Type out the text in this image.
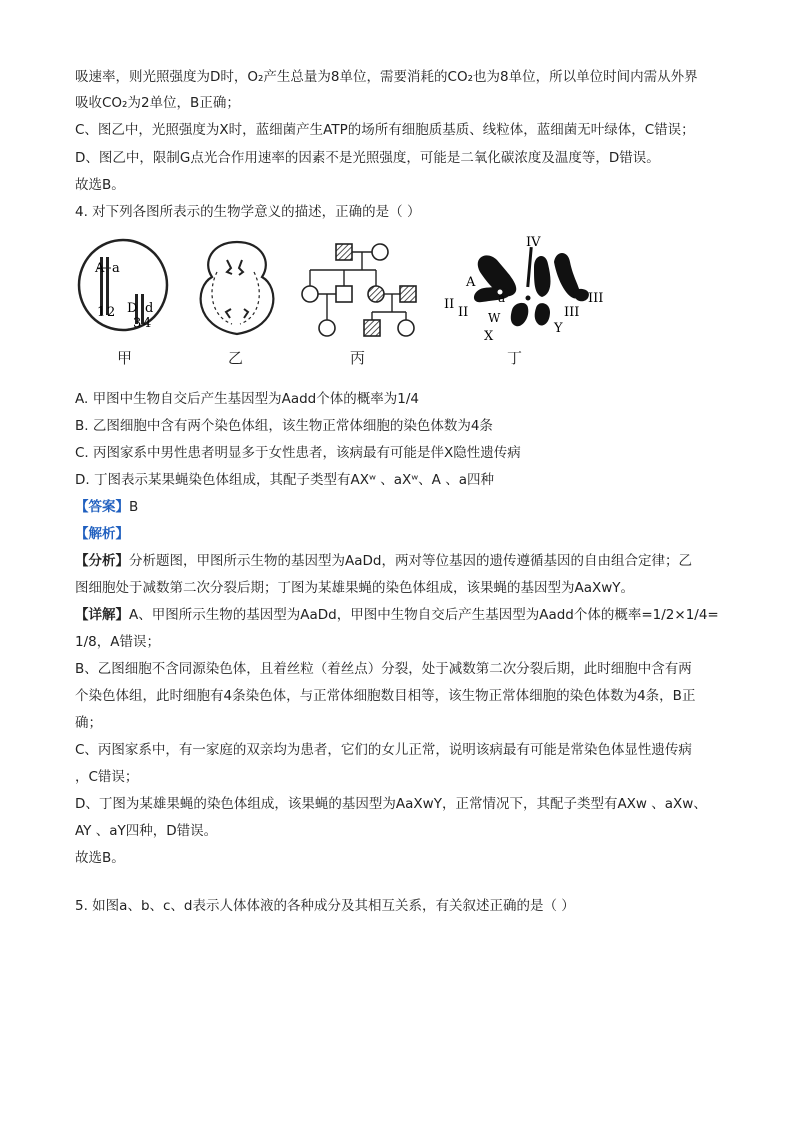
吸速率，则光照强度为D时，O₂产生总量为8单位，需要消耗的CO₂也为8单位，所以单位时间内需从外界
吸收CO₂为2单位，B正确；
C、图乙中，光照强度为X时，蓝细菌产生ATP的场所有细胞质基质、线粒体，蓝细菌无叶绿体，C错误；
D、图乙中，限制G点光合作用速率的因素不是光照强度，可能是二氧化碳浓度及温度等，D错误。
故选B。
4. 对下列各图所表示的生物学意义的描述，正确的是（ ）
A a
1 2 D d
3 4
甲	乙	丙
IV
A
a
II
II
III
III
W
X
Y
丁
A. 甲图中生物自交后产生基因型为Aadd个体的概率为1/4
B. 乙图细胞中含有两个染色体组，该生物正常体细胞的染色体数为4条
C. 丙图家系中男性患者明显多于女性患者，该病最有可能是伴X隐性遗传病
D. 丁图表示某果蝇染色体组成，其配子类型有AXʷ 、aXʷ、A 、a四种
【答案】B
【解析】
【分析】分析题图，甲图所示生物的基因型为AaDd，两对等位基因的遗传遵循基因的自由组合定律；乙
图细胞处于减数第二次分裂后期；丁图为某雄果蝇的染色体组成，该果蝇的基因型为AaXwY。
【详解】A、甲图所示生物的基因型为AaDd，甲图中生物自交后产生基因型为Aadd个体的概率=1/2×1/4=
1/8，A错误；
B、乙图细胞不含同源染色体，且着丝粒（着丝点）分裂，处于减数第二次分裂后期，此时细胞中含有两
个染色体组，此时细胞有4条染色体，与正常体细胞数目相等，该生物正常体细胞的染色体数为4条，B正
确；
C、丙图家系中，有一家庭的双亲均为患者，它们的女儿正常，说明该病最有可能是常染色体显性遗传病
，C错误；
D、丁图为某雄果蝇的染色体组成，该果蝇的基因型为AaXwY，正常情况下，其配子类型有AXw 、aXw、
AY 、aY四种，D错误。
故选B。
5. 如图a、b、c、d表示人体体液的各种成分及其相互关系，有关叙述正确的是（ ）
